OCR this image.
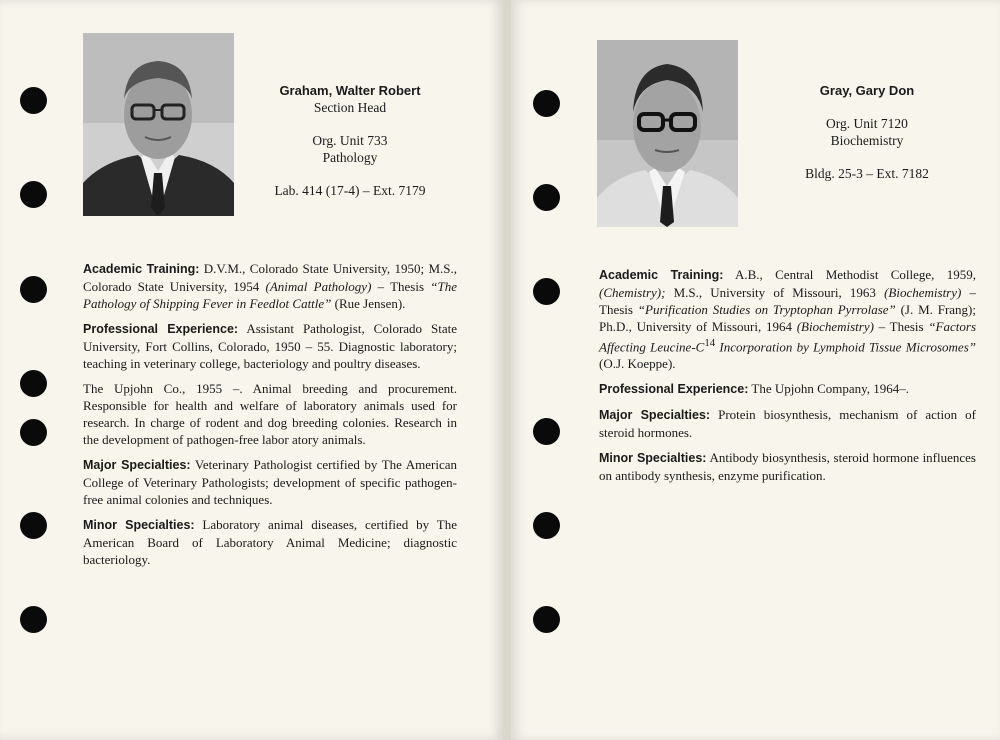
Graham, Walter Robert
Section Head
Org. Unit 733
Pathology
Lab. 414 (17-4) – Ext. 7179

Academic Training: D.V.M., Colorado State University, 1950; M.S., Colorado State University, 1954 (Animal Pathology) – Thesis “The Pathology of Shipping Fever in Feedlot Cattle” (Rue Jensen).

Professional Experience: Assistant Pathologist, Colorado State University, Fort Collins, Colorado, 1950 – 55. Diagnostic laboratory; teaching in veterinary college, bacteriology and poultry diseases.

The Upjohn Co., 1955 –. Animal breeding and procurement. Responsible for health and welfare of laboratory animals used for research. In charge of rodent and dog breeding colonies. Research in the development of pathogen-free labor atory animals.

Major Specialties: Veterinary Pathologist certified by The American College of Veterinary Pathologists; development of specific pathogen-free animal colonies and techniques.

Minor Specialties: Laboratory animal diseases, certified by The American Board of Laboratory Animal Medicine; diagnostic bacteriology.

Gray, Gary Don
Org. Unit 7120
Biochemistry
Bldg. 25-3 – Ext. 7182

Academic Training: A.B., Central Methodist College, 1959, (Chemistry); M.S., University of Missouri, 1963 (Biochemistry) – Thesis “Purification Studies on Tryptophan Pyrrolase” (J. M. Frang); Ph.D., University of Missouri, 1964 (Biochemistry) – Thesis “Factors Affecting Leucine-$C^{14}$ Incorporation by Lymphoid Tissue Microsomes” (O.J. Koeppe).

Professional Experience: The Upjohn Company, 1964–.

Major Specialties: Protein biosynthesis, mechanism of action of steroid hormones.

Minor Specialties: Antibody biosynthesis, steroid hormone influences on antibody synthesis, enzyme purification.
